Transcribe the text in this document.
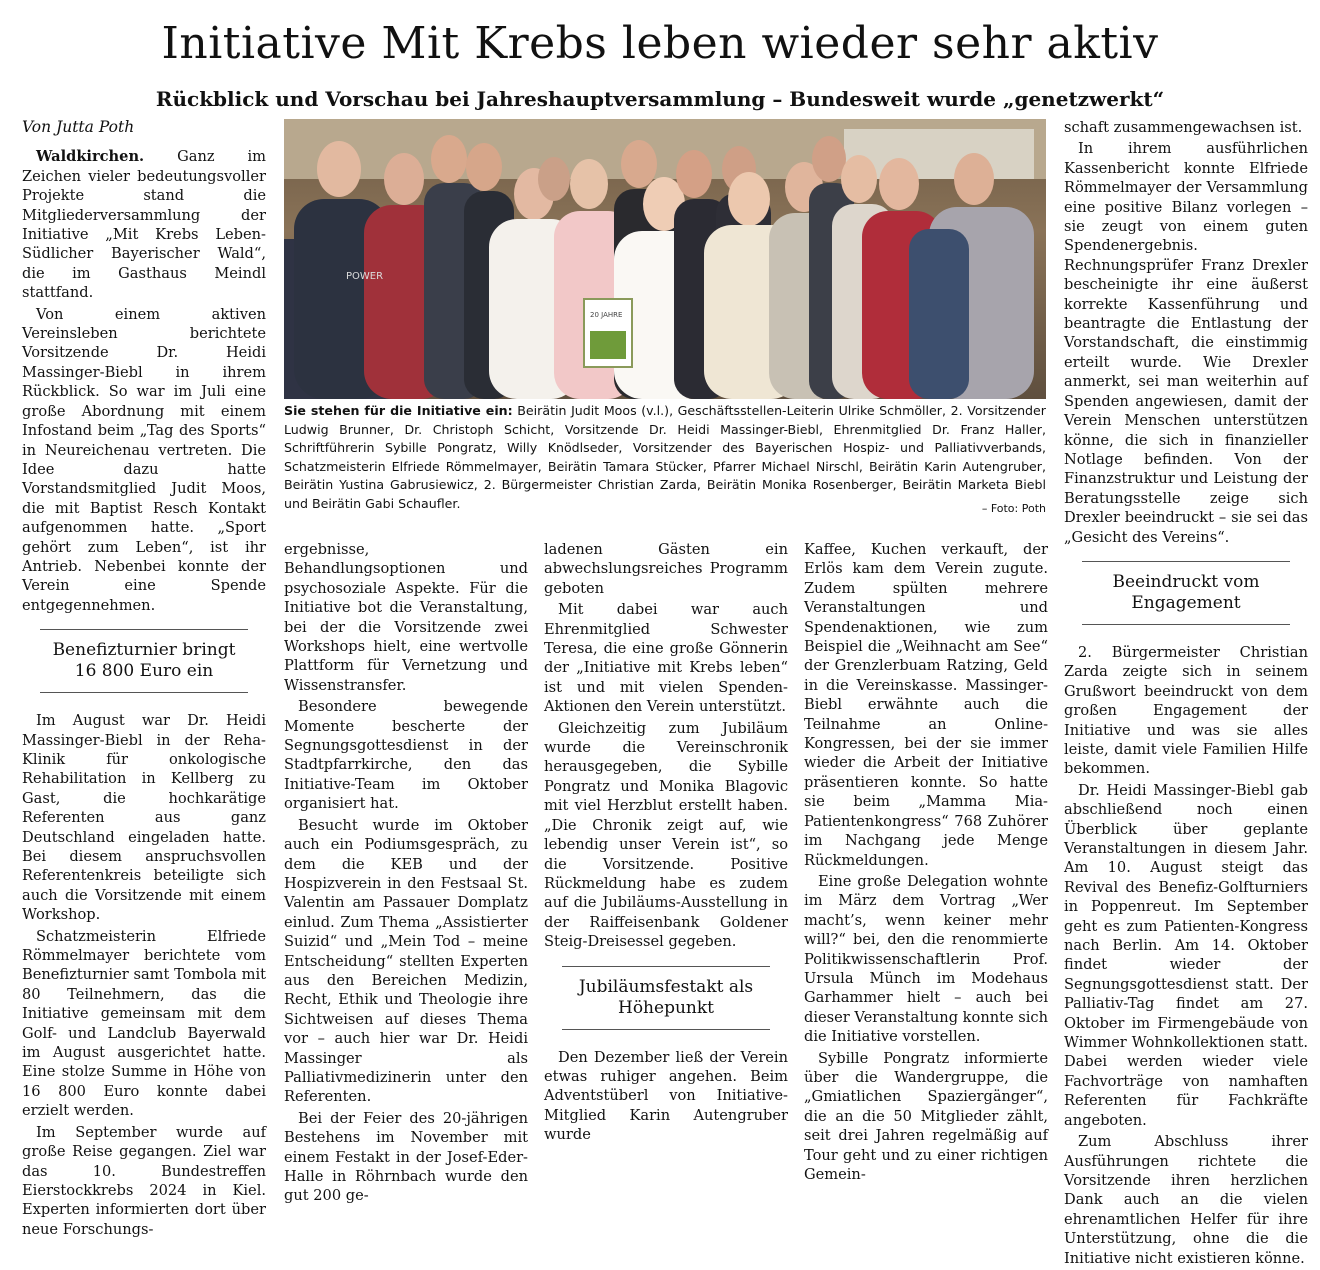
Initiative Mit Krebs leben wieder sehr aktiv
Rückblick und Vorschau bei Jahreshauptversammlung – Bundesweit wurde „genetzwerkt“

Von Jutta Poth

Waldkirchen. Ganz im Zeichen vieler bedeutungsvoller Projekte stand die Mitgliederversammlung der Initiative „Mit Krebs Leben-Südlicher Bayerischer Wald“, die im Gasthaus Meindl stattfand.

Von einem aktiven Vereinsleben berichtete Vorsitzende Dr. Heidi Massinger-Biebl in ihrem Rückblick. So war im Juli eine große Abordnung mit einem Infostand beim „Tag des Sports“ in Neureichenau vertreten. Die Idee dazu hatte Vorstandsmitglied Judit Moos, die mit Baptist Resch Kontakt aufgenommen hatte. „Sport gehört zum Leben“, ist ihr Antrieb. Nebenbei konnte der Verein eine Spende entgegennehmen.

Benefizturnier bringt 16 800 Euro ein

Im August war Dr. Heidi Massinger-Biebl in der Reha-Klinik für onkologische Rehabilitation in Kellberg zu Gast, die hochkarätige Referenten aus ganz Deutschland eingeladen hatte. Bei diesem anspruchsvollen Referentenkreis beteiligte sich auch die Vorsitzende mit einem Workshop.

Schatzmeisterin Elfriede Römmelmayer berichtete vom Benefizturnier samt Tombola mit 80 Teilnehmern, das die Initiative gemeinsam mit dem Golf- und Landclub Bayerwald im August ausgerichtet hatte. Eine stolze Summe in Höhe von 16 800 Euro konnte dabei erzielt werden.

Im September wurde auf große Reise gegangen. Ziel war das 10. Bundestreffen Eierstockkrebs 2024 in Kiel. Experten informierten dort über neue Forschungs-

POWER
20 JAHRE
Sie stehen für die Initiative ein: Beirätin Judit Moos (v.l.), Geschäftsstellen-Leiterin Ulrike Schmöller, 2. Vorsitzender Ludwig Brunner, Dr. Christoph Schicht, Vorsitzende Dr. Heidi Massinger-Biebl, Ehrenmitglied Dr. Franz Haller, Schriftführerin Sybille Pongratz, Willy Knödlseder, Vorsitzender des Bayerischen Hospiz- und Palliativverbands, Schatzmeisterin Elfriede Römmelmayer, Beirätin Tamara Stücker, Pfarrer Michael Nirschl, Beirätin Karin Autengruber, Beirätin Yustina Gabrusiewicz, 2. Bürgermeister Christian Zarda, Beirätin Monika Rosenberger, Beirätin Marketa Biebl und Beirätin Gabi Schaufler.	– Foto: Poth

ergebnisse, Behandlungsoptionen und psychosoziale Aspekte. Für die Initiative bot die Veranstaltung, bei der die Vorsitzende zwei Workshops hielt, eine wertvolle Plattform für Vernetzung und Wissenstransfer.

Besondere bewegende Momente bescherte der Segnungsgottesdienst in der Stadtpfarrkirche, den das Initiative-Team im Oktober organisiert hat.

Besucht wurde im Oktober auch ein Podiumsgespräch, zu dem die KEB und der Hospizverein in den Festsaal St. Valentin am Passauer Domplatz einlud. Zum Thema „Assistierter Suizid“ und „Mein Tod – meine Entscheidung“ stellten Experten aus den Bereichen Medizin, Recht, Ethik und Theologie ihre Sichtweisen auf dieses Thema vor – auch hier war Dr. Heidi Massinger als Palliativmedizinerin unter den Referenten.

Bei der Feier des 20-jährigen Bestehens im November mit einem Festakt in der Josef-Eder-Halle in Röhrnbach wurde den gut 200 ge-

ladenen Gästen ein abwechslungsreiches Programm geboten

Mit dabei war auch Ehrenmitglied Schwester Teresa, die eine große Gönnerin der „Initiative mit Krebs leben“ ist und mit vielen Spenden-Aktionen den Verein unterstützt.

Gleichzeitig zum Jubiläum wurde die Vereinschronik herausgegeben, die Sybille Pongratz und Monika Blagovic mit viel Herzblut erstellt haben. „Die Chronik zeigt auf, wie lebendig unser Verein ist“, so die Vorsitzende. Positive Rückmeldung habe es zudem auf die Jubiläums-Ausstellung in der Raiffeisenbank Goldener Steig-Dreisessel gegeben.

Jubiläumsfestakt als Höhepunkt

Den Dezember ließ der Verein etwas ruhiger angehen. Beim Adventstüberl von Initiative-Mitglied Karin Autengruber wurde

Kaffee, Kuchen verkauft, der Erlös kam dem Verein zugute. Zudem spülten mehrere Veranstaltungen und Spendenaktionen, wie zum Beispiel die „Weihnacht am See“ der Grenzlerbuam Ratzing, Geld in die Vereinskasse. Massinger-Biebl erwähnte auch die Teilnahme an Online-Kongressen, bei der sie immer wieder die Arbeit der Initiative präsentieren konnte. So hatte sie beim „Mamma Mia-Patientenkongress“ 768 Zuhörer im Nachgang jede Menge Rückmeldungen.

Eine große Delegation wohnte im März dem Vortrag „Wer macht’s, wenn keiner mehr will?“ bei, den die renommierte Politikwissenschaftlerin Prof. Ursula Münch im Modehaus Garhammer hielt – auch bei dieser Veranstaltung konnte sich die Initiative vorstellen.

Sybille Pongratz informierte über die Wandergruppe, die „Gmiatlichen Spaziergänger“, die an die 50 Mitglieder zählt, seit drei Jahren regelmäßig auf Tour geht und zu einer richtigen Gemein-

schaft zusammengewachsen ist.

In ihrem ausführlichen Kassenbericht konnte Elfriede Römmelmayer der Versammlung eine positive Bilanz vorlegen – sie zeugt von einem guten Spendenergebnis. Rechnungsprüfer Franz Drexler bescheinigte ihr eine äußerst korrekte Kassenführung und beantragte die Entlastung der Vorstandschaft, die einstimmig erteilt wurde. Wie Drexler anmerkt, sei man weiterhin auf Spenden angewiesen, damit der Verein Menschen unterstützen könne, die sich in finanzieller Notlage befinden. Von der Finanzstruktur und Leistung der Beratungsstelle zeige sich Drexler beeindruckt – sie sei das „Gesicht des Vereins“.

Beeindruckt vom Engagement

2. Bürgermeister Christian Zarda zeigte sich in seinem Grußwort beeindruckt von dem großen Engagement der Initiative und was sie alles leiste, damit viele Familien Hilfe bekommen.

Dr. Heidi Massinger-Biebl gab abschließend noch einen Überblick über geplante Veranstaltungen in diesem Jahr. Am 10. August steigt das Revival des Benefiz-Golfturniers in Poppenreut. Im September geht es zum Patienten-Kongress nach Berlin. Am 14. Oktober findet wieder der Segnungsgottesdienst statt. Der Palliativ-Tag findet am 27. Oktober im Firmengebäude von Wimmer Wohnkollektionen statt. Dabei werden wieder viele Fachvorträge von namhaften Referenten für Fachkräfte angeboten.

Zum Abschluss ihrer Ausführungen richtete die Vorsitzende ihren herzlichen Dank auch an die vielen ehrenamtlichen Helfer für ihre Unterstützung, ohne die die Initiative nicht existieren könne.
